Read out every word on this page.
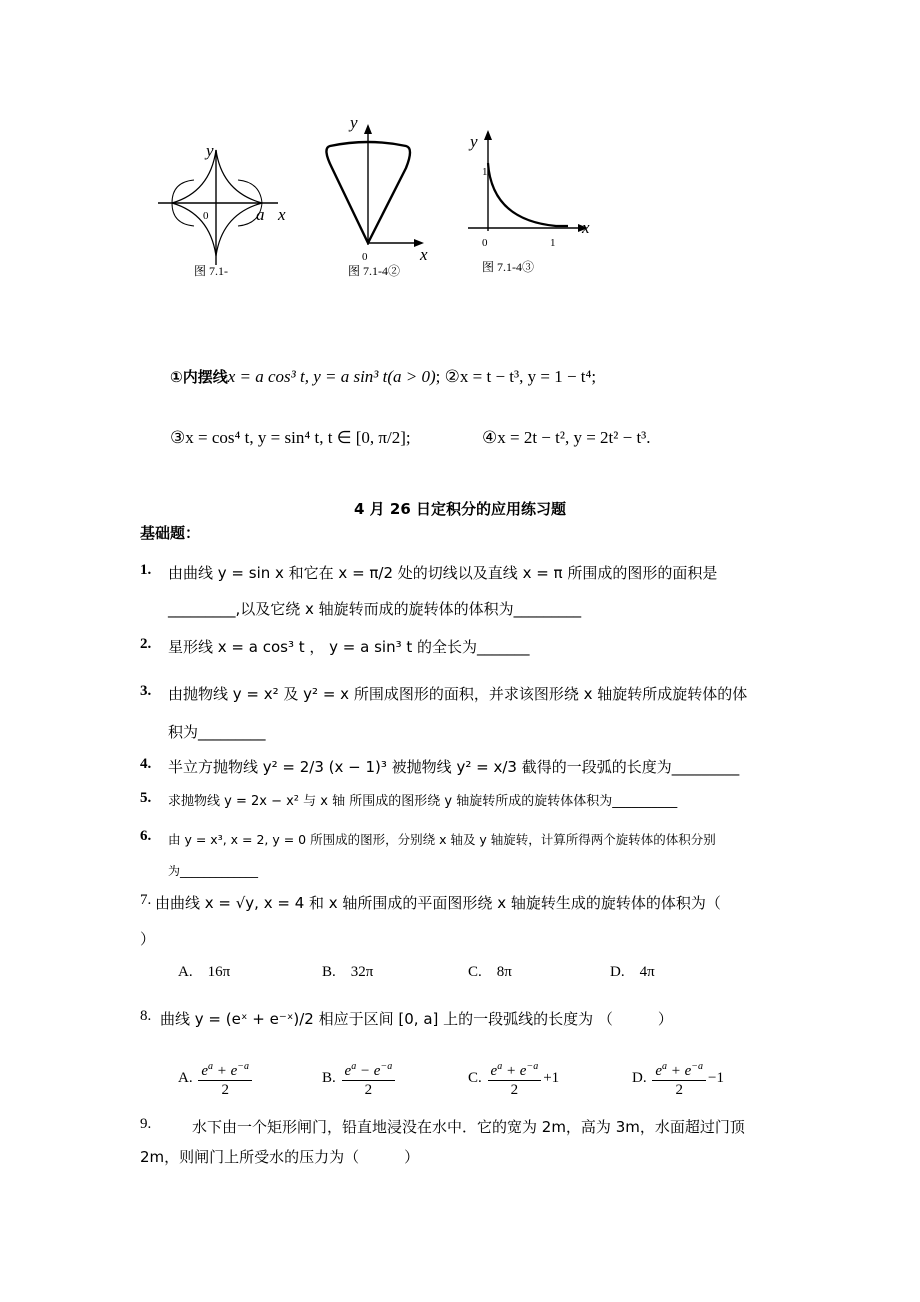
y
0	a x
图 7.1-
y
0	x
图 7.1-4②
y
1
0	1
x
图 7.1-4③
①内摆线x = a cos³ t, y = a sin³ t(a > 0); ②x = t − t³, y = 1 − t⁴;
③x = cos⁴ t, y = sin⁴ t, t ∈ [0, π/2];	④x = 2t − t², y = 2t² − t³.
4 月 26 日定积分的应用练习题
基础题：
1. 由曲线 y = sin x 和它在 x = π/2 处的切线以及直线 x = π 所围成的图形的面积是
_________,以及它绕 x 轴旋转而成的旋转体的体积为_________
2. 星形线 x = a cos³ t ， y = a sin³ t 的全长为_______
3. 由抛物线 y = x² 及 y² = x 所围成图形的面积，并求该图形绕 x 轴旋转所成旋转体的体
积为_________
4. 半立方抛物线 y² = 2/3 (x − 1)³ 被抛物线 y² = x/3 截得的一段弧的长度为_________
5. 求抛物线 y = 2x − x² 与 x 轴 所围成的图形绕 y 轴旋转所成的旋转体体积为__________
6. 由 y = x³, x = 2, y = 0 所围成的图形，分别绕 x 轴及 y 轴旋转，计算所得两个旋转体的体积分别
为_____________
7. 由曲线 x = √y, x = 4 和 x 轴所围成的平面图形绕 x 轴旋转生成的旋转体的体积为（
）
A.　16π	B.　32π	C.　8π	D.　4π
8. 曲线 y = (eˣ + e⁻ˣ)/2 相应于区间 [0, a] 上的一段弧线的长度为 （　　　）
A. $\frac{e^a + e^{-a}}{2}$	B. $\frac{e^a - e^{-a}}{2}$	C. $\frac{e^a + e^{-a}}{2} +1$	D. $\frac{e^a + e^{-a}}{2} -1$
9.	水下由一个矩形闸门，铅直地浸没在水中．它的宽为 2m，高为 3m，水面超过门顶
2m，则闸门上所受水的压力为（　　　）
